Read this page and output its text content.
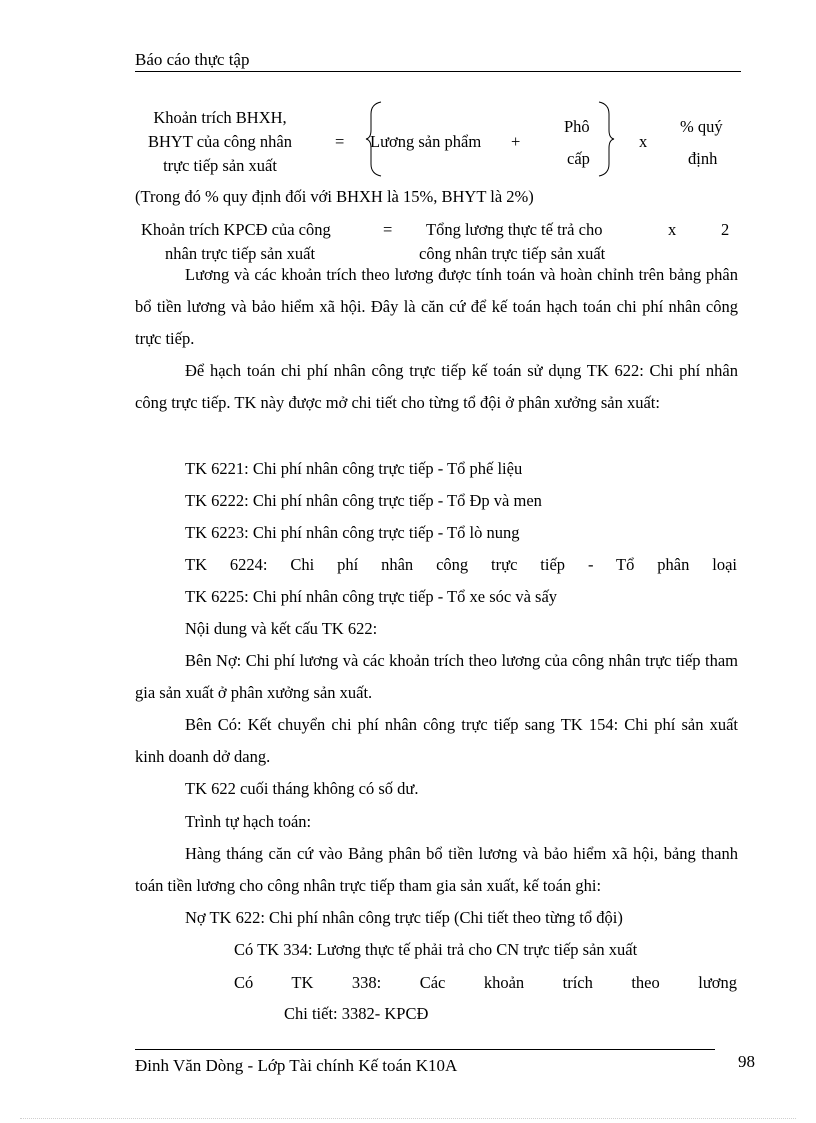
Báo cáo thực tập
Khoản trích BHXH,
BHYT của công nhân
trực tiếp sản xuất
= Lương sản phẩm +
Phô
cấp
x
% quý
định
(Trong đó % quy định đối với BHXH là 15%, BHYT là 2%)
Khoản trích KPCĐ của công
nhân trực tiếp sản xuất
= Tổng lương thực tế trả cho
công nhân trực tiếp sản xuất
x	2
Lương và các khoản trích theo lương được tính toán và hoàn chỉnh trên bảng phân bổ tiền lương và bảo hiểm xã hội. Đây là căn cứ để kế toán hạch toán chi phí nhân công trực tiếp.
Để hạch toán chi phí nhân công trực tiếp kế toán sử dụng TK 622: Chi phí nhân công trực tiếp. TK này được mở chi tiết cho từng tổ đội ở phân xưởng sản xuất:
TK 6221: Chi phí nhân công trực tiếp - Tổ phế liệu
TK 6222: Chi phí nhân công trực tiếp - Tổ Đp và men
TK 6223: Chi phí nhân công trực tiếp - Tổ lò nung
TK 6224: Chi phí nhân công trực tiếp - Tổ phân loại
TK 6225: Chi phí nhân công trực tiếp - Tổ xe sóc và sấy
Nội dung và kết cấu TK 622:
Bên Nợ: Chi phí lương và các khoản trích theo lương của công nhân trực tiếp tham gia sản xuất ở phân xưởng sản xuất.
Bên Có: Kết chuyển chi phí nhân công trực tiếp sang TK 154: Chi phí sản xuất kinh doanh dở dang.
TK 622 cuối tháng không có số dư.
Trình tự hạch toán:
Hàng tháng căn cứ vào Bảng phân bổ tiền lương và bảo hiểm xã hội, bảng thanh toán tiền lương cho công nhân trực tiếp tham gia sản xuất, kế toán ghi:
Nợ TK 622: Chi phí nhân công trực tiếp (Chi tiết theo từng tổ đội)
Có TK 334: Lương thực tế phải trả cho CN trực tiếp sản xuất
Có TK 338: Các khoản trích theo lương
Chi tiết: 3382- KPCĐ
Đinh Văn Dòng - Lớp Tài chính Kế toán K10A	98
